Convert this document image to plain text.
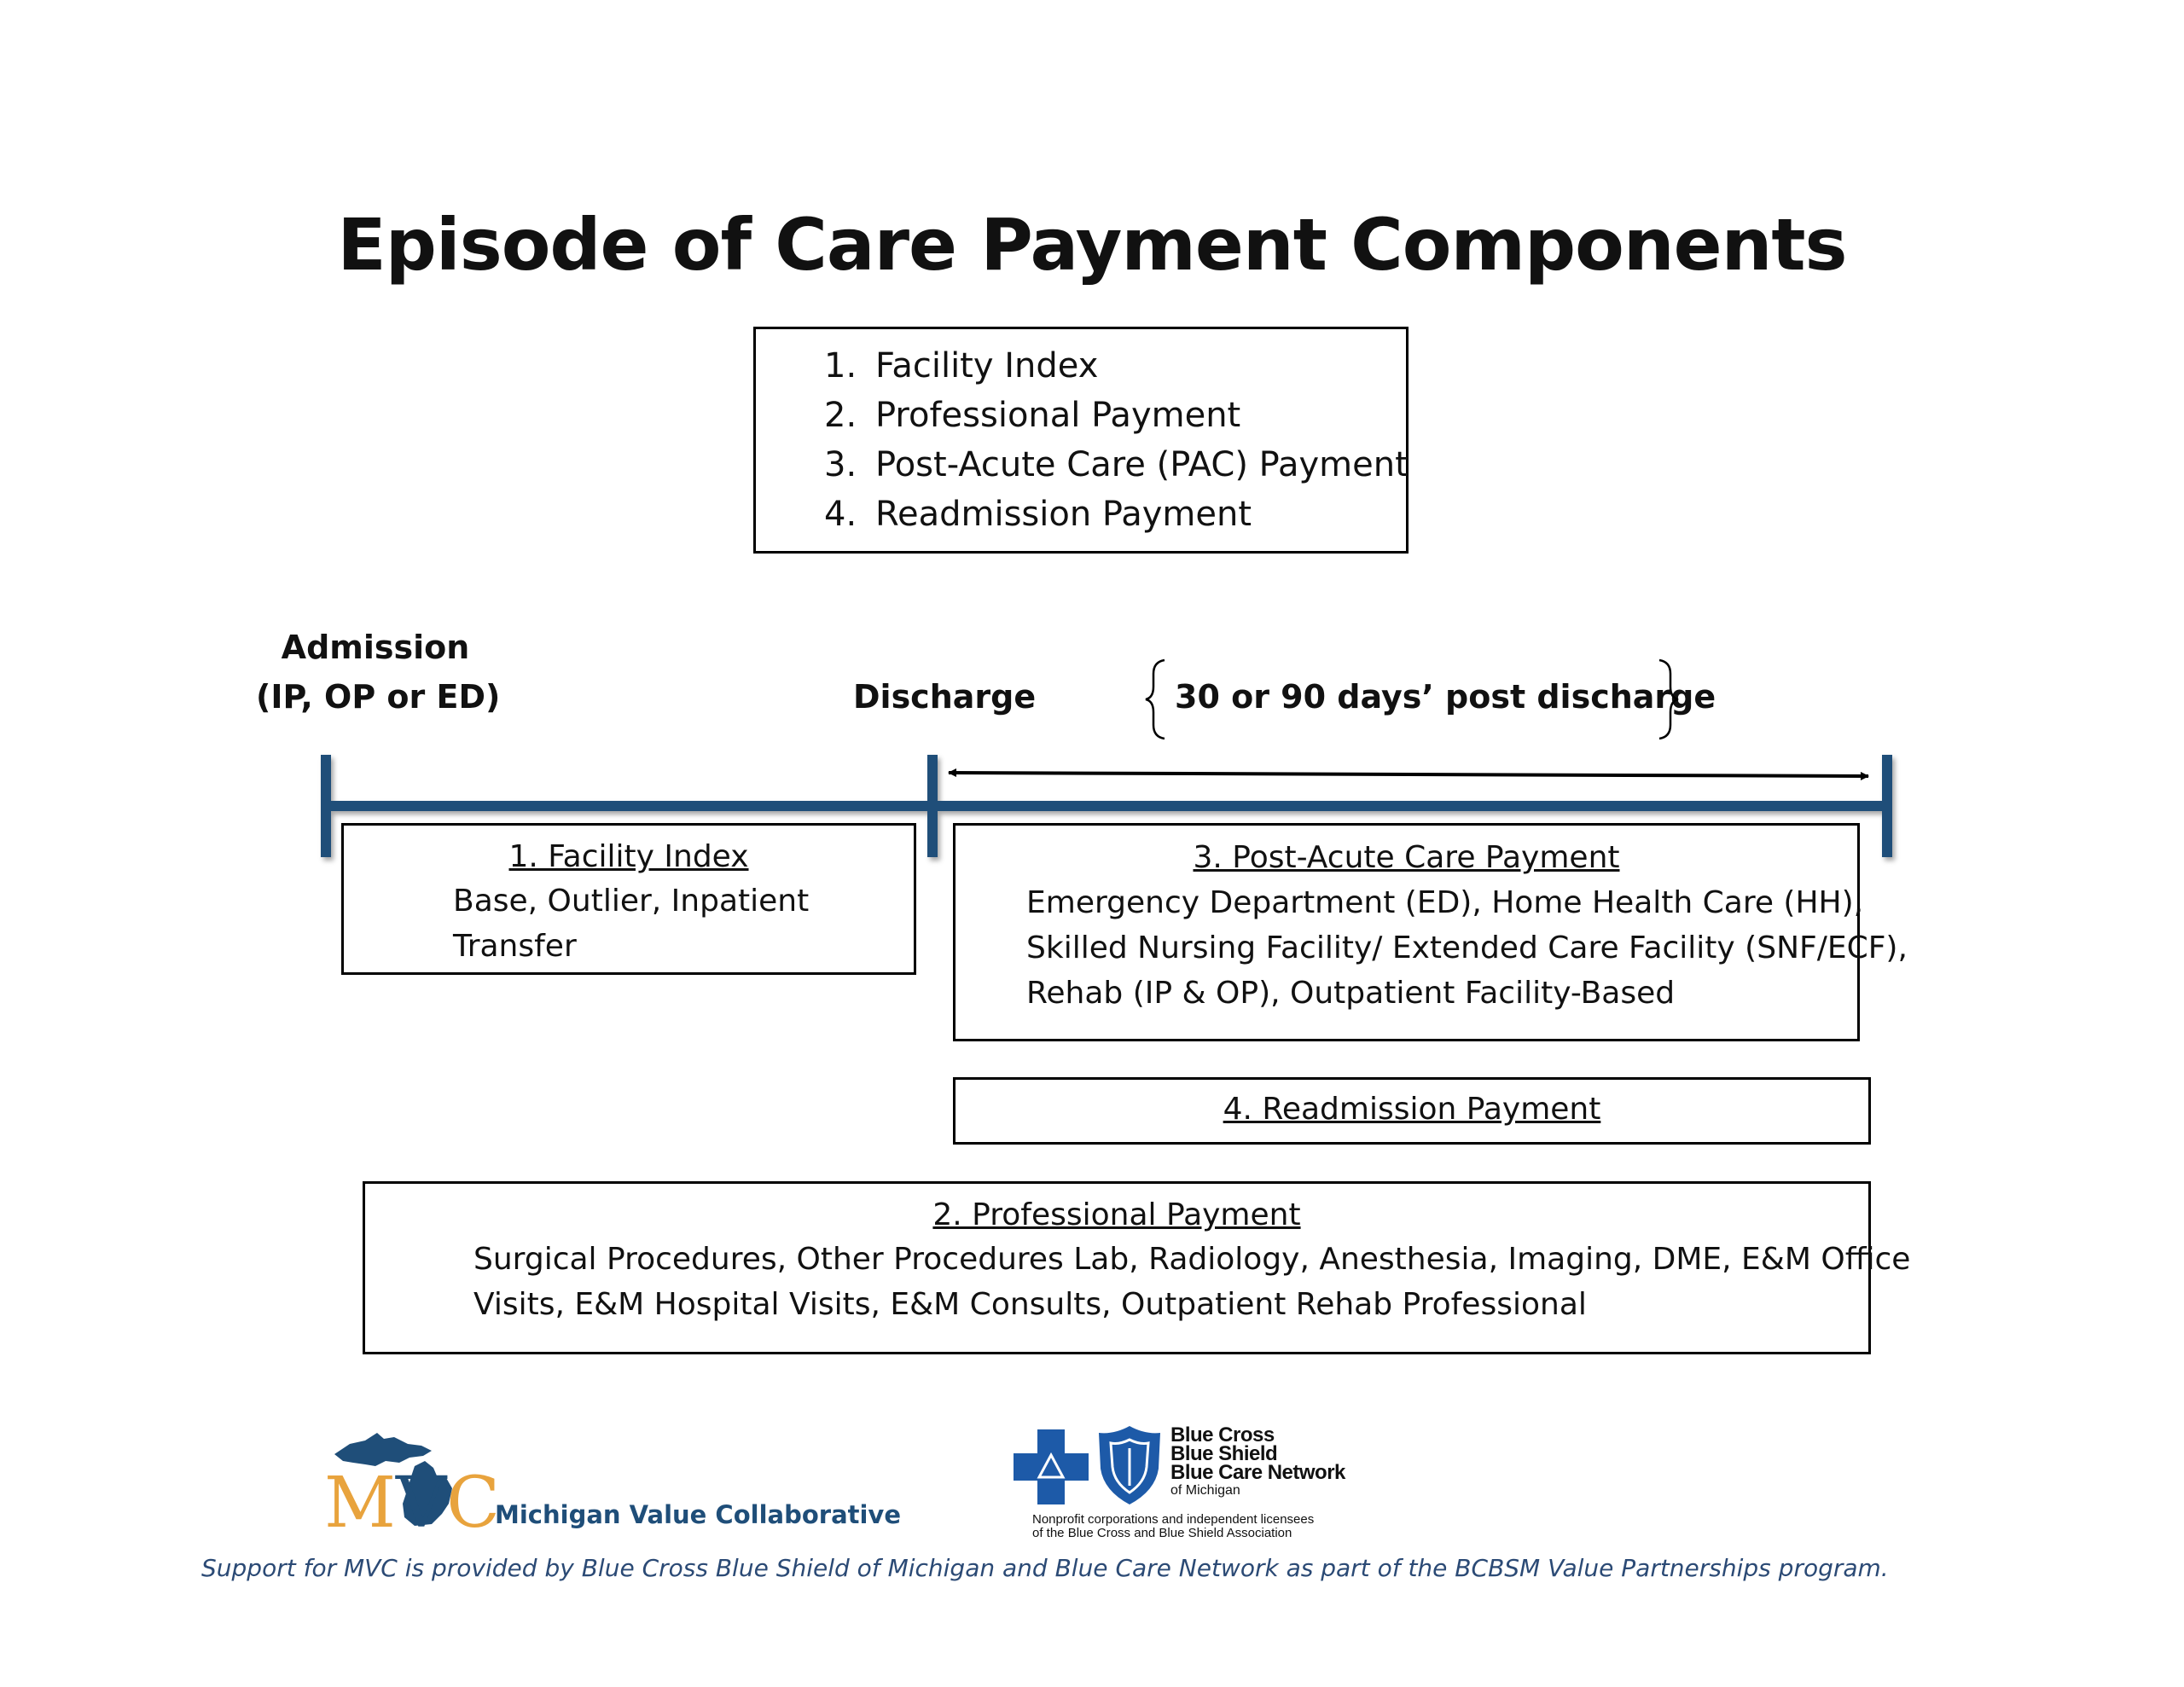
Episode of Care Payment Components
1. Facility Index
2. Professional Payment
3. Post-Acute Care (PAC) Payment
4. Readmission Payment
Admission
(IP, OP or ED)	Discharge	30 or 90 days’ post discharge
1. Facility Index
Base, Outlier, Inpatient
Transfer
3. Post-Acute Care Payment
Emergency Department (ED), Home Health Care (HH),
Skilled Nursing Facility/ Extended Care Facility (SNF/ECF),
Rehab (IP & OP), Outpatient Facility-Based
4. Readmission Payment
2. Professional Payment
Surgical Procedures, Other Procedures Lab, Radiology, Anesthesia, Imaging, DME, E&M Office
Visits, E&M Hospital Visits, E&M Consults, Outpatient Rehab Professional
MVC
Michigan Value Collaborative
Blue Cross
Blue Shield
Blue Care Network
of Michigan
Nonprofit corporations and independent licensees
of the Blue Cross and Blue Shield Association
Support for MVC is provided by Blue Cross Blue Shield of Michigan and Blue Care Network as part of the BCBSM Value Partnerships program.
